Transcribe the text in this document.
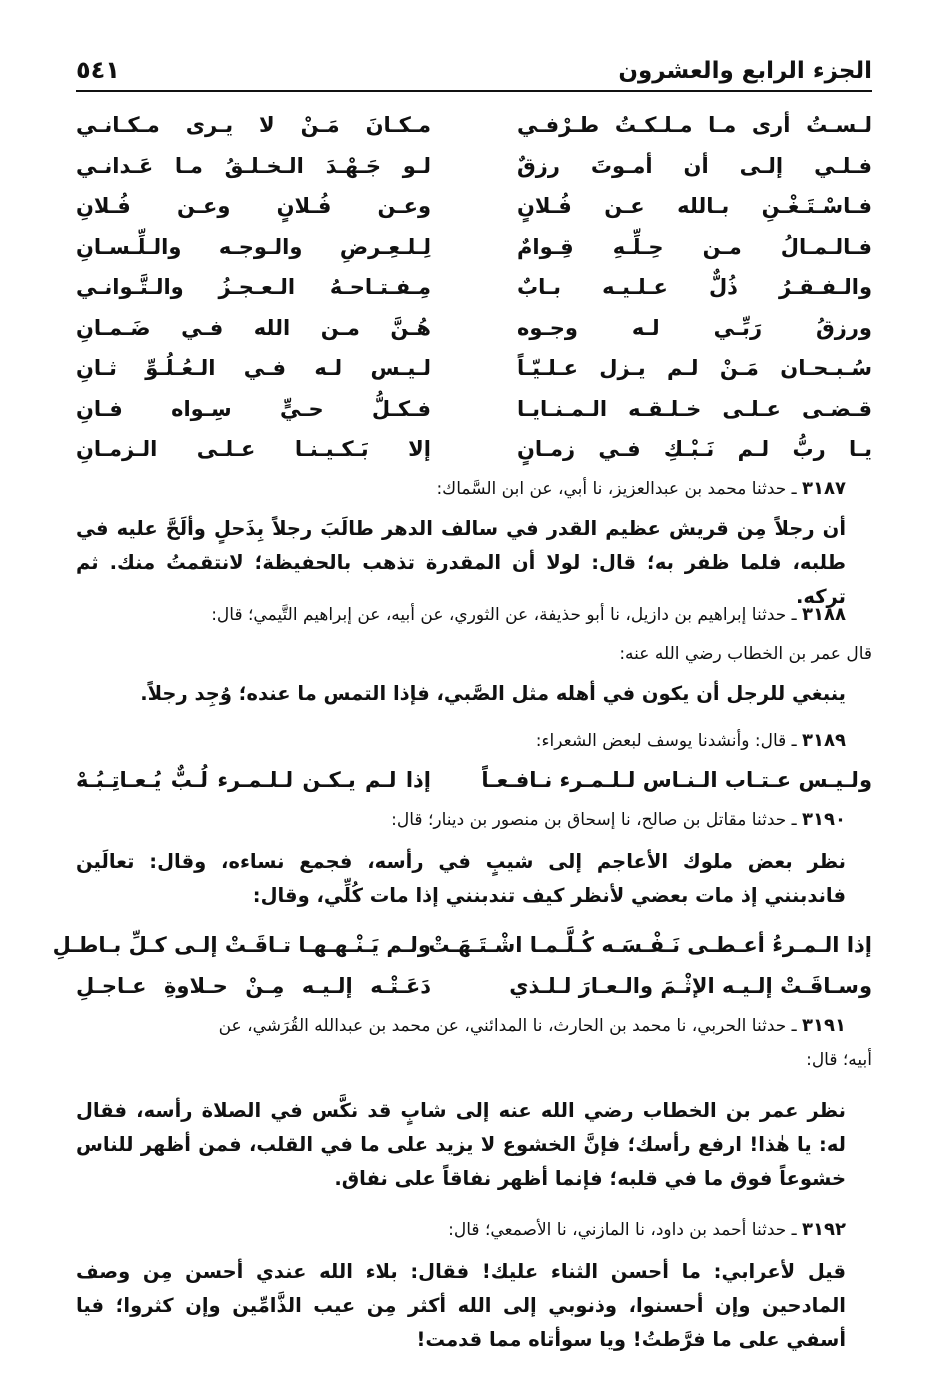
الجزء الرابع والعشرون
٥٤١
لـسـتُ أرى مـا مـلـكـتُ طـرْفـي
مـكـانَ مَـنْ لا يـرى مـكـانـي
فـلـي إلـى أن أمـوتَ رزقٌ
لـو جَـهْـدَ الـخـلـقُ مـا عَـدانـي
فـاسْـتَـغْـنِ بـالله عـن فُـلانٍ
وعـن فُـلانٍ وعـن فُـلانِ
فـالـمـالُ مـن حِـلِّـهِ قِـوامٌ
لِـلـعِـرضِ والـوجـه والـلِّـسـانِ
والـفـقـرُ ذُلٌّ عـلـيـه بـابٌ
مِـفـتـاحـهُ الـعـجـزُ والـتَّـوانـي
ورزقُ رَبِّـي لـه وجـوه
هُـنَّ مـن الله فـي ضَـمـانِ
سُـبـحـان مَـنْ لـم يـزل عـلـيّـاً
لـيـس لـه فـي الـعُـلُـوِّ ثـانِ
قـضـى عـلـى خـلـقـه الـمـنـايـا
فـكـلُّ حـيٍّ سِـواه فـانِ
يـا ربُّ لـم نَـبْـكِ فـي زمـانٍ
إلا بَـكـيـنـا عـلـى الـزمـانِ
٣١٨٧ ـ حدثنا محمد بن عبدالعزيز، نا أبي، عن ابن السَّماك:
أن رجلاً مِن قريش عظيم القدر في سالف الدهر طالَبَ رجلاً بِذَحلٍ وألَحَّ عليه في طلبه، فلما ظفر به؛ قال: لولا أن المقدرة تذهب بالحفيظة؛ لانتقمتُ منك. ثم تركه.
٣١٨٨ ـ حدثنا إبراهيم بن دازيل، نا أبو حذيفة، عن الثوري، عن أبيه، عن إبراهيم التَّيمي؛ قال:
قال عمر بن الخطاب رضي الله عنه:
ينبغي للرجل أن يكون في أهله مثل الصَّبي، فإذا التمس ما عنده؛ وُجِد رجلاً.
٣١٨٩ ـ قال: وأنشدنا يوسف لبعض الشعراء:
ولـيـس عـتـاب الـنـاس لـلـمـرء نـافـعـاً
إذا لـم يـكـن لـلـمـرء لُـبٌّ يُـعـاتِـبُـهْ
٣١٩٠ ـ حدثنا مقاتل بن صالح، نا إسحاق بن منصور بن دينار؛ قال:
نظر بعض ملوك الأعاجم إلى شيبٍ في رأسه، فجمع نساءه، وقال: تعالَين فاندبنني إذ مات بعضي لأنظر كيف تندبنني إذا مات كُلِّي، وقال:
إذا الـمـرءُ أعـطـى نَـفْـسَـه كُـلَّـمـا اشْـتَـهَـتْ
ولـم يَـنْـهـهـا تـاقَـتْ إلـى كـلِّ بـاطـلِ
وسـاقَـتْ إلـيـه الإثْـمَ والـعـارَ لـلـذي
دَعَـتْـه إلـيـه مِـنْ حـلاوةِ عـاجـلِ
٣١٩١ ـ حدثنا الحربي، نا محمد بن الحارث، نا المدائني، عن محمد بن عبدالله القُرَشي، عن
أبيه؛ قال:
نظر عمر بن الخطاب رضي الله عنه إلى شابٍ قد نكَّس في الصلاة رأسه، فقال له: يا هٰذا! ارفع رأسك؛ فإنَّ الخشوع لا يزيد على ما في القلب، فمن أظهر للناس خشوعاً فوق ما في قلبه؛ فإنما أظهر نفاقاً على نفاق.
٣١٩٢ ـ حدثنا أحمد بن داود، نا المازني، نا الأصمعي؛ قال:
قيل لأعرابي: ما أحسن الثناء عليك! فقال: بلاء الله عندي أحسن مِن وصف المادحين وإن أحسنوا، وذنوبي إلى الله أكثر مِن عيب الذَّامِّين وإن كثروا؛ فيا أسفي على ما فرَّطتُ! ويا سوأتاه مما قدمت!
